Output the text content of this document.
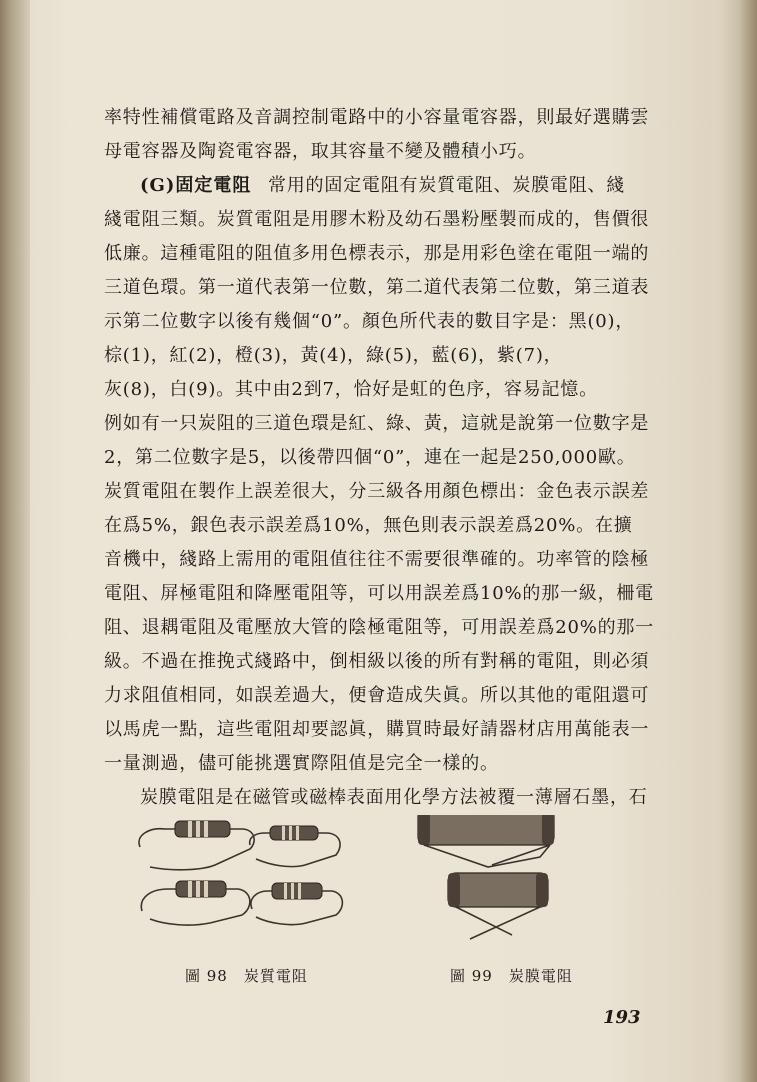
率特性補償電路及音調控制電路中的小容量電容器，則最好選購雲
母電容器及陶瓷電容器，取其容量不變及體積小巧。
(G)固定電阻 常用的固定電阻有炭質電阻、炭膜電阻、綫
綫電阻三類。炭質電阻是用膠木粉及幼石墨粉壓製而成的，售價很
低廉。這種電阻的阻值多用色標表示，那是用彩色塗在電阻一端的
三道色環。第一道代表第一位數，第二道代表第二位數，第三道表
示第二位數字以後有幾個“0”。顏色所代表的數目字是：黑(0)，
棕(1)，紅(2)，橙(3)，黃(4)，綠(5)，藍(6)，紫(7)，
灰(8)，白(9)。其中由2到7，恰好是虹的色序，容易記憶。
例如有一只炭阻的三道色環是紅、綠、黃，這就是說第一位數字是
2，第二位數字是5，以後帶四個“0”，連在一起是250,000歐。
炭質電阻在製作上誤差很大，分三級各用顏色標出：金色表示誤差
在爲5%，銀色表示誤差爲10%，無色則表示誤差爲20%。在擴
音機中，綫路上需用的電阻值往往不需要很準確的。功率管的陰極
電阻、屏極電阻和降壓電阻等，可以用誤差爲10%的那一級，柵電
阻、退耦電阻及電壓放大管的陰極電阻等，可用誤差爲20%的那一
級。不過在推挽式綫路中，倒相級以後的所有對稱的電阻，則必須
力求阻值相同，如誤差過大，便會造成失眞。所以其他的電阻還可
以馬虎一點，這些電阻却要認眞，購買時最好請器材店用萬能表一
一量測過，儘可能挑選實際阻值是完全一樣的。
炭膜電阻是在磁管或磁棒表面用化學方法被覆一薄層石墨，石
圖 98　炭質電阻	圖 99　炭膜電阻
193
